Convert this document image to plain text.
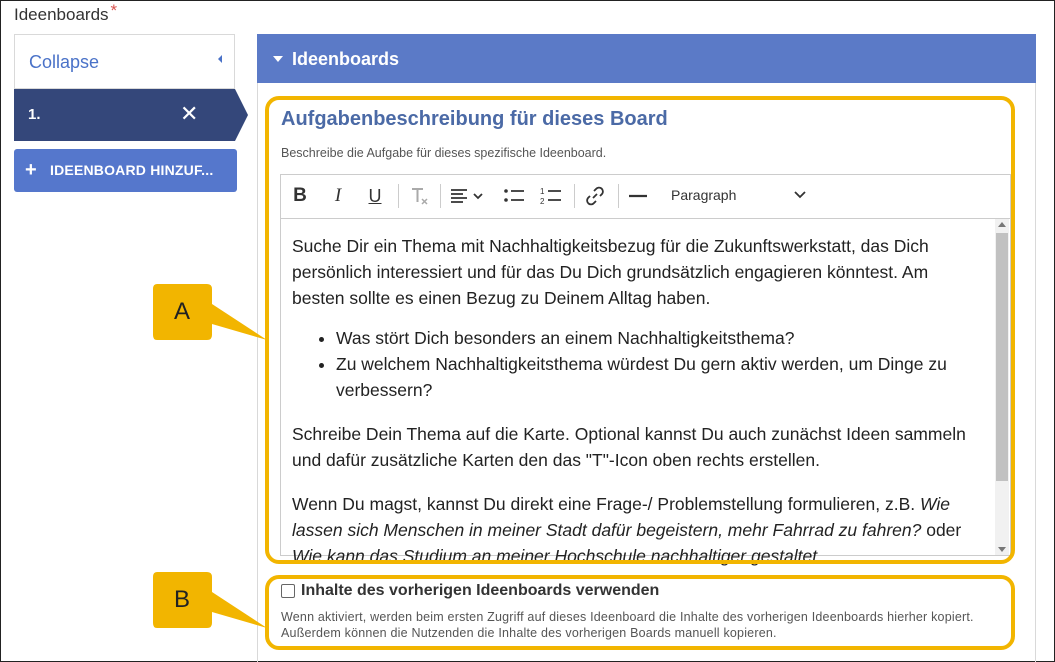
Ideenboards *
Collapse
1.	✕
+ IDEENBOARD HINZUF...
Ideenboards
Aufgabenbeschreibung für dieses Board
Beschreibe die Aufgabe für dieses spezifische Ideenboard.
B	I	U	1
2	Paragraph

Suche Dir ein Thema mit Nachhaltigkeitsbezug für die Zukunftswerkstatt, das Dich persönlich interessiert und für das Du Dich grundsätzlich engagieren könntest. Am besten sollte es einen Bezug zu Deinem Alltag haben.

• Was stört Dich besonders an einem Nachhaltigkeitsthema?
• Zu welchem Nachhaltigkeitsthema würdest Du gern aktiv werden, um Dinge zu verbessern?

Schreibe Dein Thema auf die Karte. Optional kannst Du auch zunächst Ideen sammeln und dafür zusätzliche Karten den das "T"-Icon oben rechts erstellen.

Wenn Du magst, kannst Du direkt eine Frage-/ Problemstellung formulieren, z.B. Wie lassen sich Menschen in meiner Stadt dafür begeistern, mehr Fahrrad zu fahren? oder Wie kann das Studium an meiner Hochschule nachhaltiger gestaltet

Inhalte des vorherigen Ideenboards verwenden
Wenn aktiviert, werden beim ersten Zugriff auf dieses Ideenboard die Inhalte des vorherigen Ideenboards hierher kopiert. Außerdem können die Nutzenden die Inhalte des vorherigen Boards manuell kopieren.
A
B
